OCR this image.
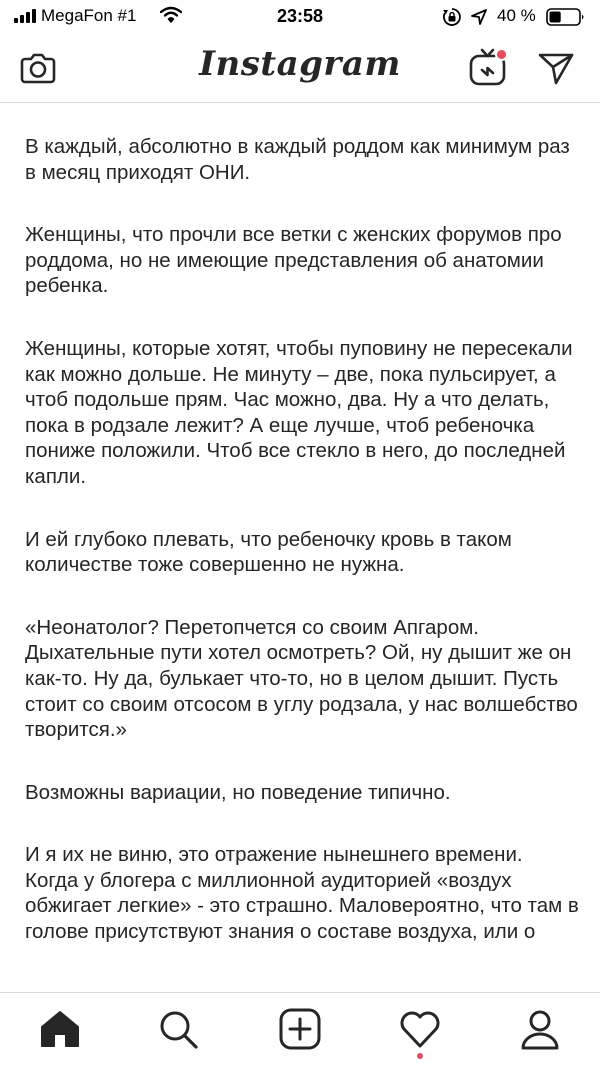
MegaFon #1	23:58	40 %
Instagram

В каждый, абсолютно в каждый роддом как минимум раз в месяц приходят ОНИ.

Женщины, что прочли все ветки с женских форумов про роддома, но не имеющие представления об анатомии ребенка.

Женщины, которые хотят, чтобы пуповину не пересекали как можно дольше. Не минуту – две, пока пульсирует, а чтоб подольше прям. Час можно, два. Ну а что делать, пока в родзале лежит? А еще лучше, чтоб ребеночка пониже положили. Чтоб все стекло в него, до последней капли.

И ей глубоко плевать, что ребеночку кровь в таком количестве тоже совершенно не нужна.

«Неонатолог? Перетопчется со своим Апгаром. Дыхательные пути хотел осмотреть? Ой, ну дышит же он как-то. Ну да, булькает что-то, но в целом дышит. Пусть стоит со своим отсосом в углу родзала, у нас волшебство творится.»

Возможны вариации, но поведение типично.

И я их не виню, это отражение нынешнего времени. Когда у блогера с миллионной аудиторией «воздух обжигает легкие» - это страшно. Маловероятно, что там в голове присутствуют знания о составе воздуха, или о
